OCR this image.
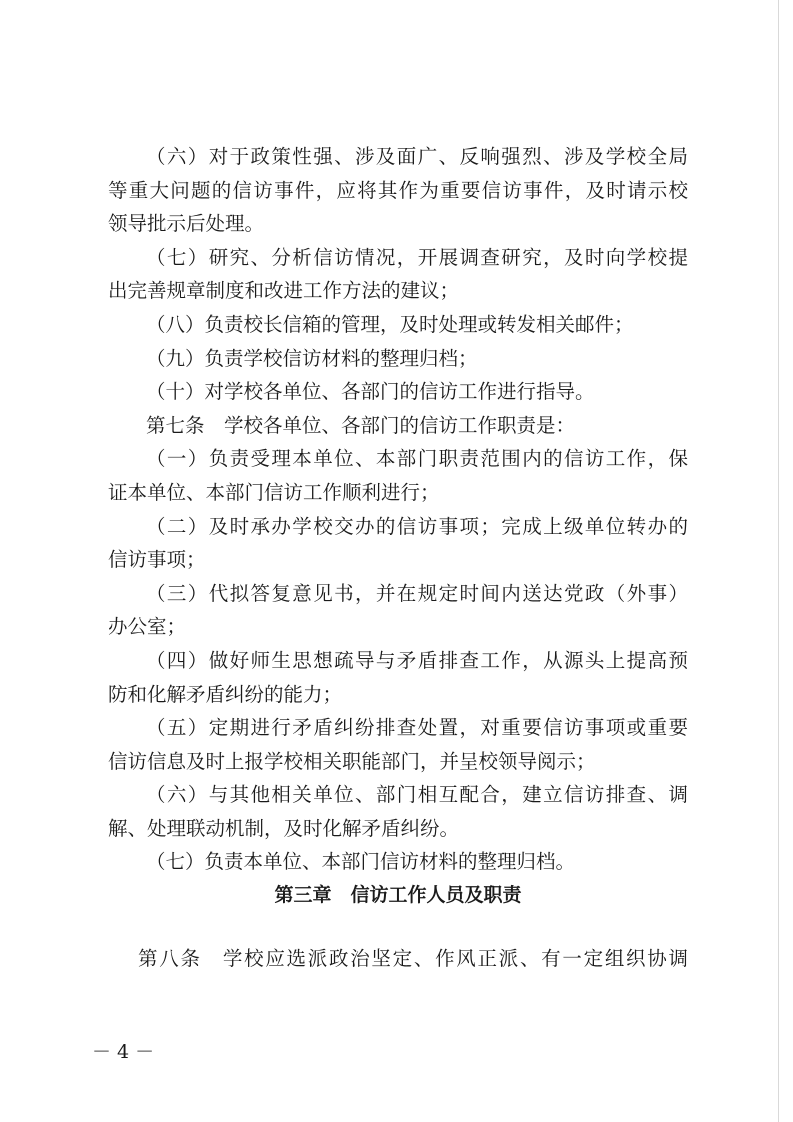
（六）对于政策性强、涉及面广、反响强烈、涉及学校全局
等重大问题的信访事件，应将其作为重要信访事件，及时请示校
领导批示后处理。
（七）研究、分析信访情况，开展调查研究，及时向学校提
出完善规章制度和改进工作方法的建议；
（八）负责校长信箱的管理，及时处理或转发相关邮件；
（九）负责学校信访材料的整理归档；
（十）对学校各单位、各部门的信访工作进行指导。
第七条　学校各单位、各部门的信访工作职责是：
（一）负责受理本单位、本部门职责范围内的信访工作，保
证本单位、本部门信访工作顺利进行；
（二）及时承办学校交办的信访事项；完成上级单位转办的
信访事项；
（三）代拟答复意见书，并在规定时间内送达党政（外事）
办公室；
（四）做好师生思想疏导与矛盾排查工作，从源头上提高预
防和化解矛盾纠纷的能力；
（五）定期进行矛盾纠纷排查处置，对重要信访事项或重要
信访信息及时上报学校相关职能部门，并呈校领导阅示；
（六）与其他相关单位、部门相互配合，建立信访排查、调
解、处理联动机制，及时化解矛盾纠纷。
（七）负责本单位、本部门信访材料的整理归档。
第三章　信访工作人员及职责
第八条　学校应选派政治坚定、作风正派、有一定组织协调
－ 4 －
